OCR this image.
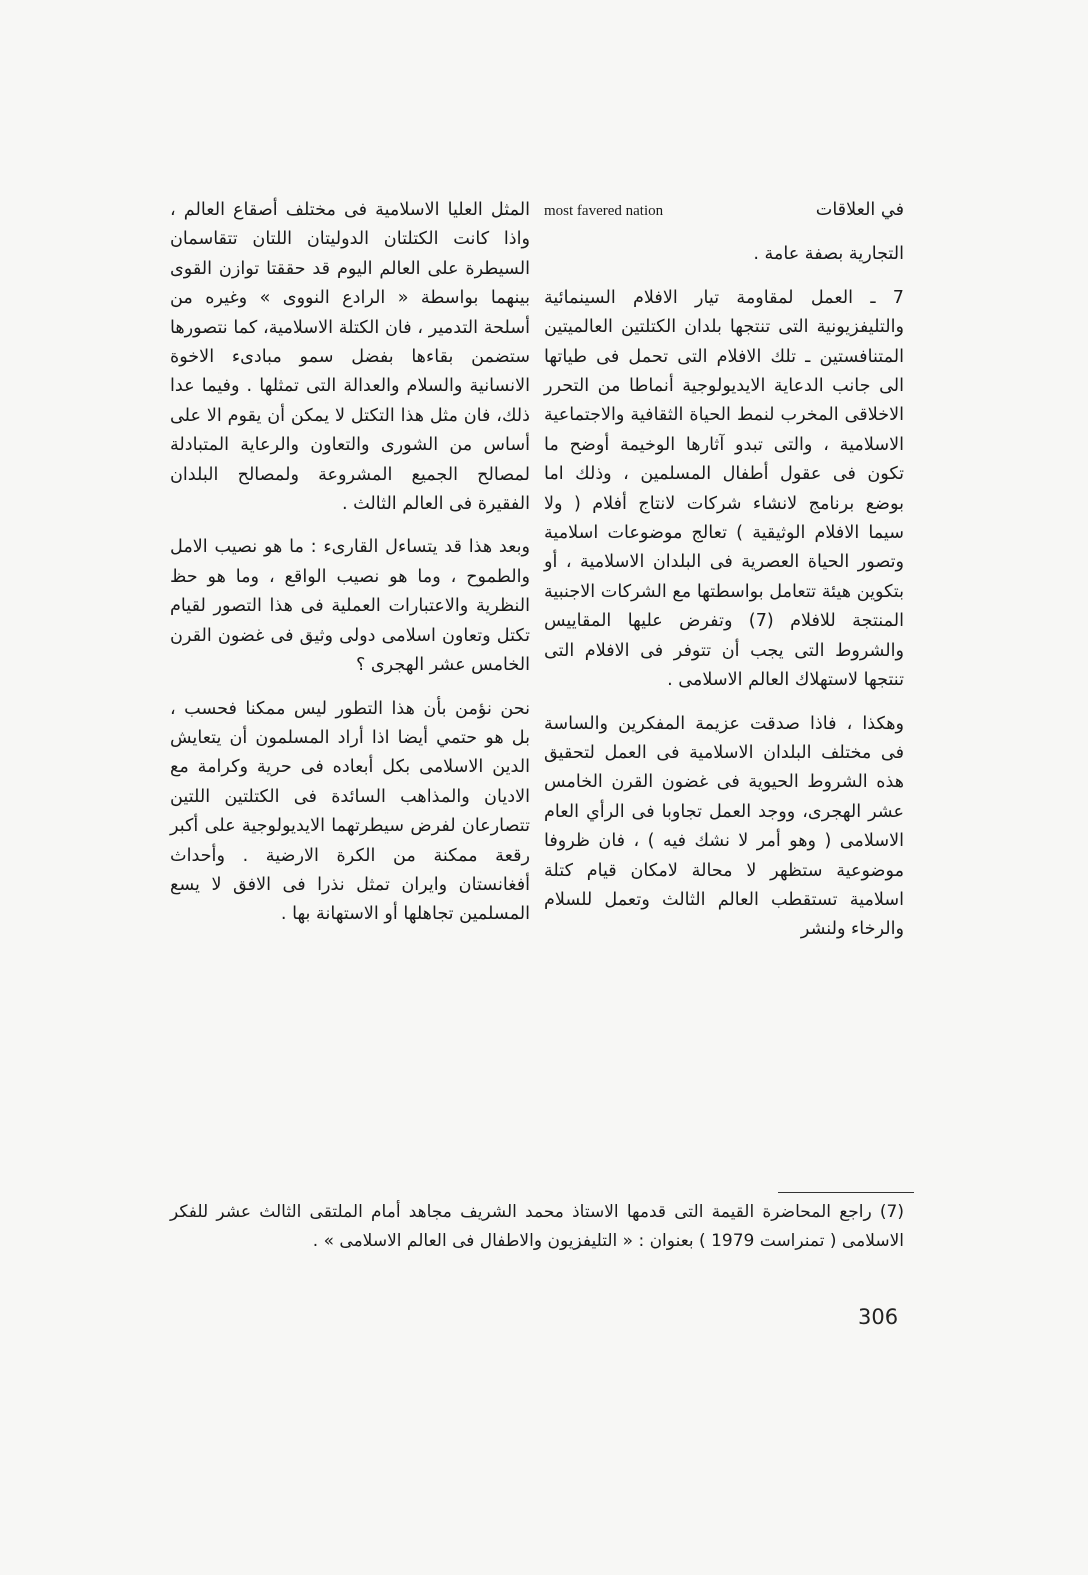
في العلاقات
most favered nation

التجارية بصفة عامة .

7 ـ العمل لمقاومة تيار الافلام السينمائية والتليفزيونية التى تنتجها بلدان الكتلتين العالميتين المتنافستين ـ تلك الافلام التى تحمل فى طياتها الى جانب الدعاية الايديولوجية أنماطا من التحرر الاخلاقى المخرب لنمط الحياة الثقافية والاجتماعية الاسلامية ، والتى تبدو آثارها الوخيمة أوضح ما تكون فى عقول أطفال المسلمين ، وذلك اما بوضع برنامج لانشاء شركات لانتاج أفلام ( ولا سيما الافلام الوثيقية ) تعالج موضوعات اسلامية وتصور الحياة العصرية فى البلدان الاسلامية ، أو بتكوين هيئة تتعامل بواسطتها مع الشركات الاجنبية المنتجة للافلام (7) وتفرض عليها المقاييس والشروط التى يجب أن تتوفر فى الافلام التى تنتجها لاستهلاك العالم الاسلامى .

وهكذا ، فاذا صدقت عزيمة المفكرين والساسة فى مختلف البلدان الاسلامية فى العمل لتحقيق هذه الشروط الحيوية فى غضون القرن الخامس عشر الهجرى، ووجد العمل تجاوبا فى الرأي العام الاسلامى ( وهو أمر لا نشك فيه ) ، فان ظروفا موضوعية ستظهر لا محالة لامكان قيام كتلة اسلامية تستقطب العالم الثالث وتعمل للسلام والرخاء ولنشر

المثل العليا الاسلامية فى مختلف أصقاع العالم ، واذا كانت الكتلتان الدوليتان اللتان تتقاسمان السيطرة على العالم اليوم قد حققتا توازن القوى بينهما بواسطة « الرادع النووى » وغيره من أسلحة التدمير ، فان الكتلة الاسلامية، كما نتصورها ستضمن بقاءها بفضل سمو مبادىء الاخوة الانسانية والسلام والعدالة التى تمثلها . وفيما عدا ذلك، فان مثل هذا التكتل لا يمكن أن يقوم الا على أساس من الشورى والتعاون والرعاية المتبادلة لمصالح الجميع المشروعة ولمصالح البلدان الفقيرة فى العالم الثالث .

وبعد هذا قد يتساءل القارىء : ما هو نصيب الامل والطموح ، وما هو نصيب الواقع ، وما هو حظ النظرية والاعتبارات العملية فى هذا التصور لقيام تكتل وتعاون اسلامى دولى وثيق فى غضون القرن الخامس عشر الهجرى ؟

نحن نؤمن بأن هذا التطور ليس ممكنا فحسب ، بل هو حتمي أيضا اذا أراد المسلمون أن يتعايش الدين الاسلامى بكل أبعاده فى حرية وكرامة مع الاديان والمذاهب السائدة فى الكتلتين اللتين تتصارعان لفرض سيطرتهما الايديولوجية على أكبر رقعة ممكنة من الكرة الارضية . وأحداث أفغانستان وايران تمثل نذرا فى الافق لا يسع المسلمين تجاهلها أو الاستهانة بها .

(7) راجع المحاضرة القيمة التى قدمها الاستاذ محمد الشريف مجاهد أمام الملتقى الثالث عشر للفكر الاسلامى ( تمنراست 1979 ) بعنوان : « التليفزيون والاطفال فى العالم الاسلامى » .

306
